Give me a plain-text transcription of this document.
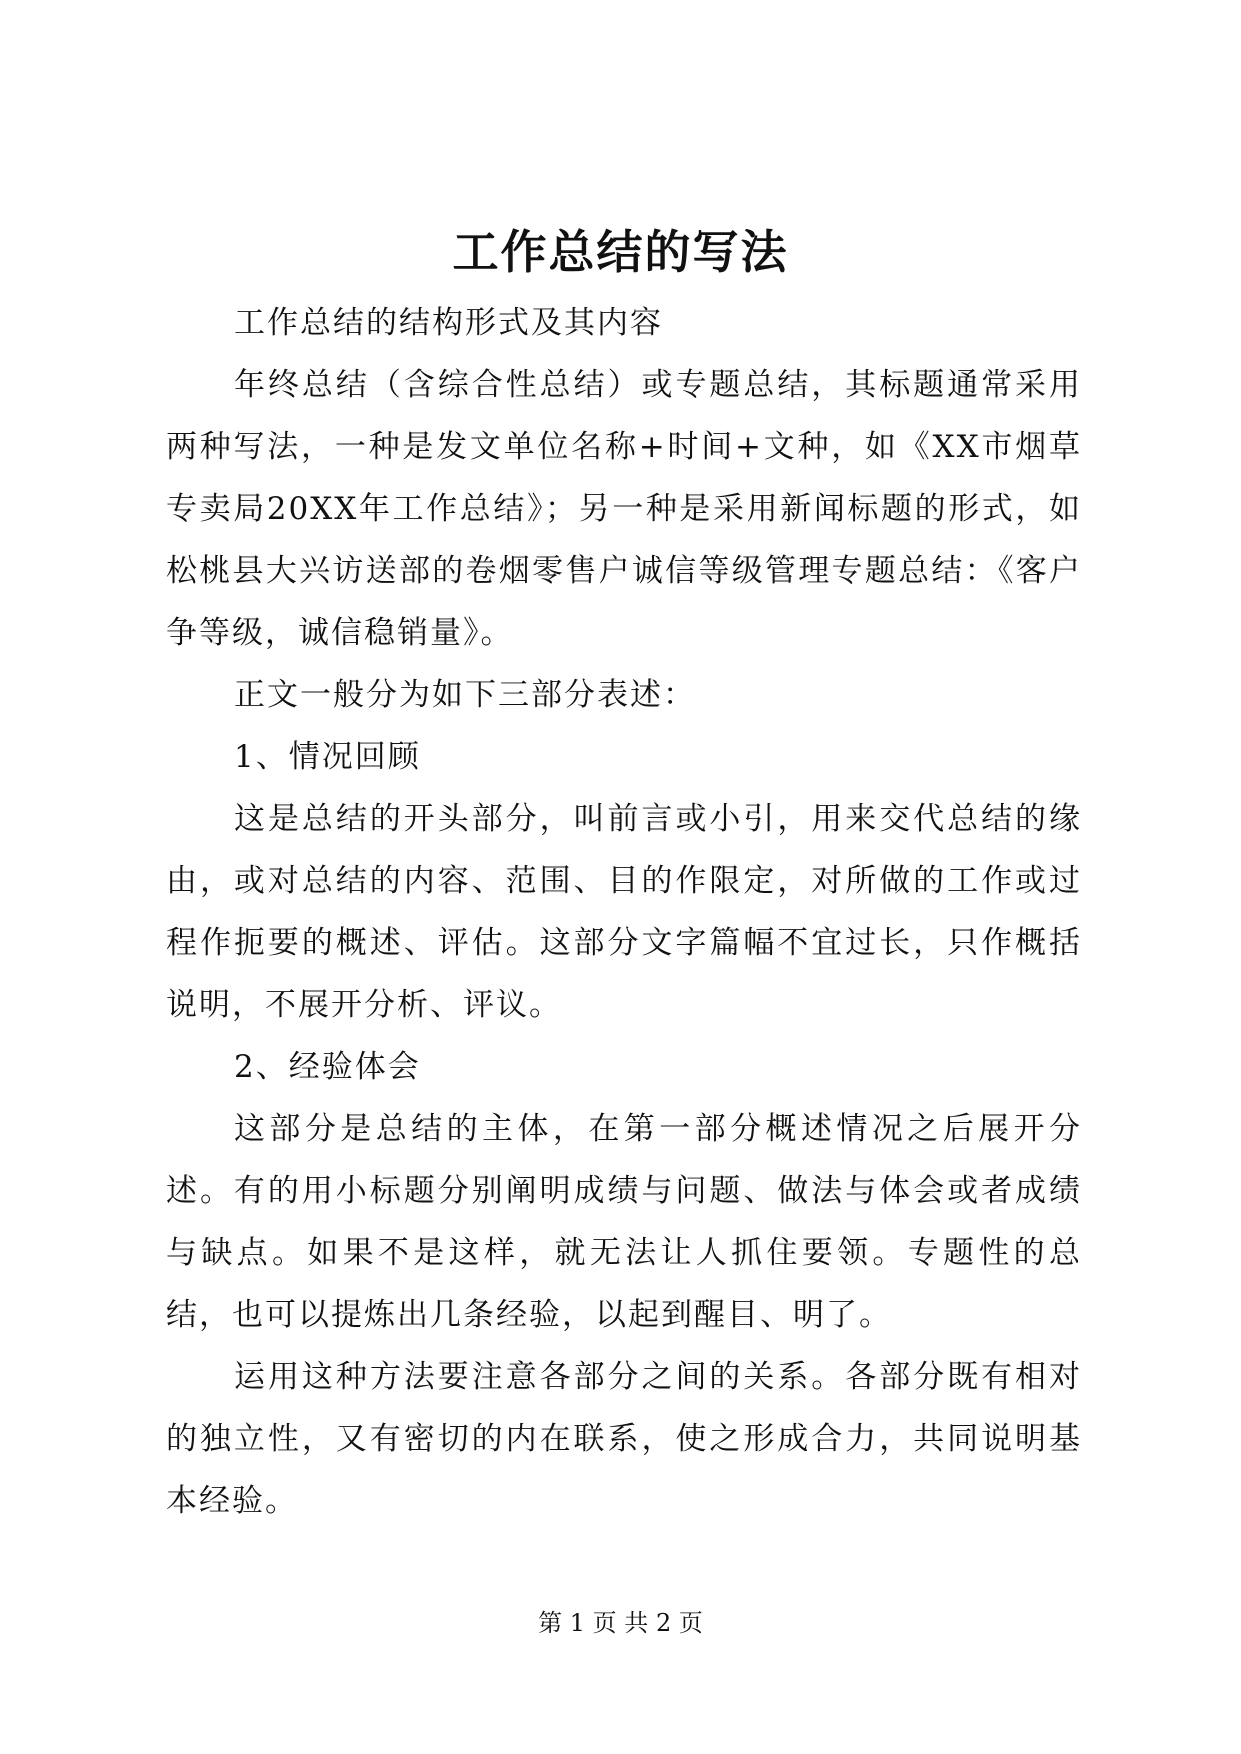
工作总结的写法

工作总结的结构形式及其内容

年终总结（含综合性总结）或专题总结，其标题通常采用两种写法，一种是发文单位名称+时间+文种，如《XX市烟草专卖局20XX年工作总结》；另一种是采用新闻标题的形式，如松桃县大兴访送部的卷烟零售户诚信等级管理专题总结：《客户争等级，诚信稳销量》。

正文一般分为如下三部分表述：

1、情况回顾

这是总结的开头部分，叫前言或小引，用来交代总结的缘由，或对总结的内容、范围、目的作限定，对所做的工作或过程作扼要的概述、评估。这部分文字篇幅不宜过长，只作概括说明，不展开分析、评议。

2、经验体会

这部分是总结的主体，在第一部分概述情况之后展开分述。有的用小标题分别阐明成绩与问题、做法与体会或者成绩与缺点。如果不是这样，就无法让人抓住要领。专题性的总结，也可以提炼出几条经验，以起到醒目、明了。

运用这种方法要注意各部分之间的关系。各部分既有相对的独立性，又有密切的内在联系，使之形成合力，共同说明基本经验。

第 1 页 共 2 页
